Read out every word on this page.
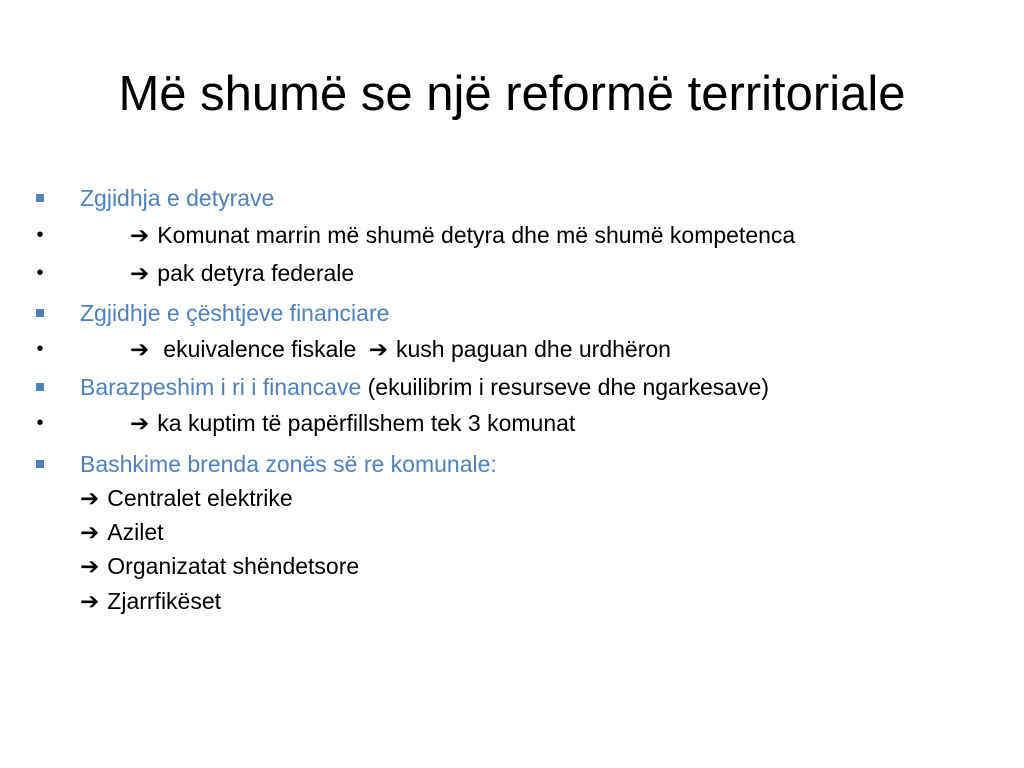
Më shumë se një reformë territoriale
Zgjidhja e detyrave
•	➔ Komunat marrin më shumë detyra dhe më shumë kompetenca
•	➔ pak detyra federale
Zgjidhje e çështjeve financiare
•	➔ ekuivalence fiskale ➔ kush paguan dhe urdhëron
Barazpeshim i ri i financave (ekuilibrim i resurseve dhe ngarkesave)
•	➔ ka kuptim të papërfillshem tek 3 komunat
Bashkime brenda zonës së re komunale:
➔ Centralet elektrike
➔ Azilet
➔ Organizatat shëndetsore
➔ Zjarrfikëset
